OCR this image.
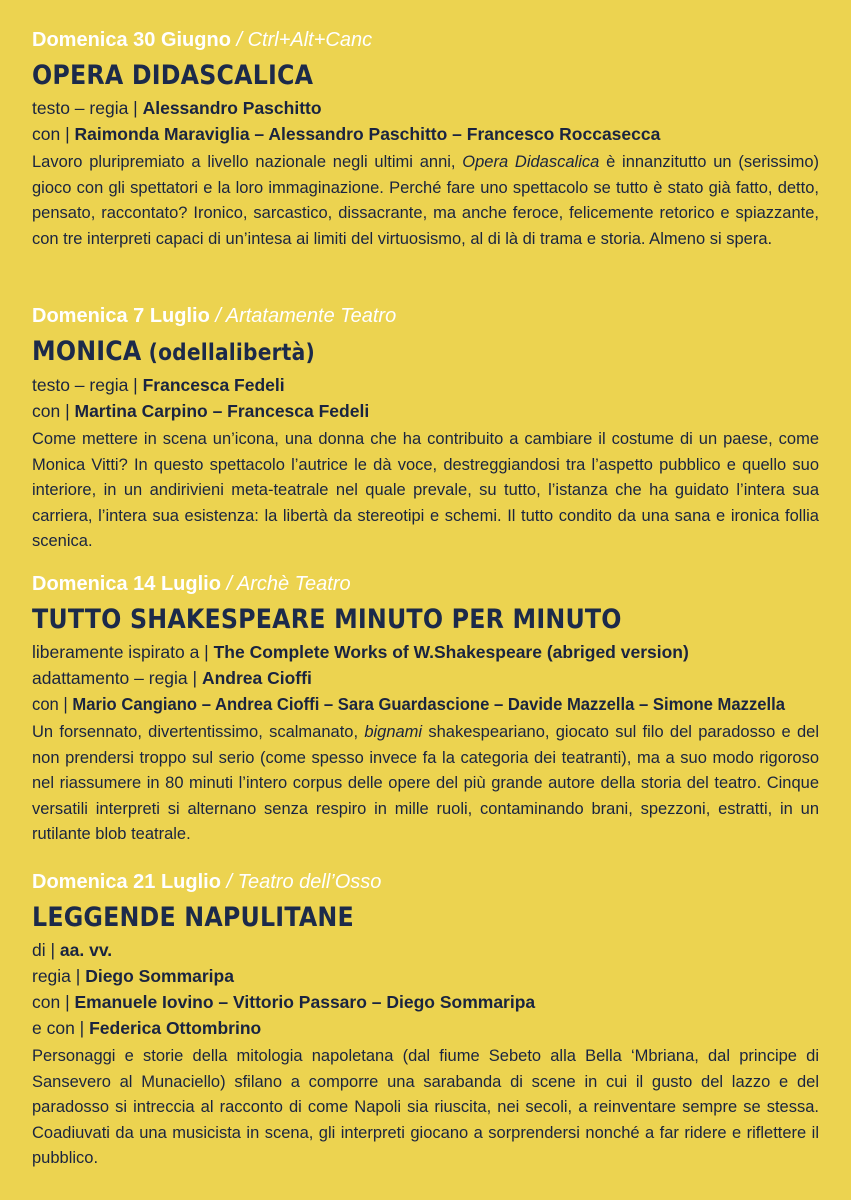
Domenica 30 Giugno / Ctrl+Alt+Canc
OPERA DIDASCALICA
testo – regia | Alessandro Paschitto
con | Raimonda Maraviglia – Alessandro Paschitto – Francesco Roccasecca

Lavoro pluripremiato a livello nazionale negli ultimi anni, Opera Didascalica è innanzitutto un (serissimo) gioco con gli spettatori e la loro immaginazione. Perché fare uno spettacolo se tutto è stato già fatto, detto, pensato, raccontato? Ironico, sarcastico, dissacrante, ma anche feroce, felicemente retorico e spiazzante, con tre interpreti capaci di un’intesa ai limiti del virtuosismo, al di là di trama e storia. Almeno si spera.

Domenica 7 Luglio / Artatamente Teatro
MONICA (odellalibertà)
testo – regia | Francesca Fedeli
con | Martina Carpino – Francesca Fedeli

Come mettere in scena un’icona, una donna che ha contribuito a cambiare il costume di un paese, come Monica Vitti? In questo spettacolo l’autrice le dà voce, destreggiandosi tra l’aspetto pubblico e quello suo interiore, in un andirivieni meta-teatrale nel quale prevale, su tutto, l’istanza che ha guidato l’intera sua carriera, l’intera sua esistenza: la libertà da stereotipi e schemi. Il tutto condito da una sana e ironica follia scenica.

Domenica 14 Luglio / Archè Teatro
TUTTO SHAKESPEARE MINUTO PER MINUTO
liberamente ispirato a | The Complete Works of W.Shakespeare (abriged version)
adattamento – regia | Andrea Cioffi
con | Mario Cangiano – Andrea Cioffi – Sara Guardascione – Davide Mazzella – Simone Mazzella

Un forsennato, divertentissimo, scalmanato, bignami shakespeariano, giocato sul filo del paradosso e del non prendersi troppo sul serio (come spesso invece fa la categoria dei teatranti), ma a suo modo rigoroso nel riassumere in 80 minuti l’intero corpus delle opere del più grande autore della storia del teatro. Cinque versatili interpreti si alternano senza respiro in mille ruoli, contaminando brani, spezzoni, estratti, in un rutilante blob teatrale.

Domenica 21 Luglio / Teatro dell’Osso
LEGGENDE NAPULITANE
di | aa. vv.
regia | Diego Sommaripa
con | Emanuele Iovino – Vittorio Passaro – Diego Sommaripa
e con | Federica Ottombrino

Personaggi e storie della mitologia napoletana (dal fiume Sebeto alla Bella ‘Mbriana, dal principe di Sansevero al Munaciello) sfilano a comporre una sarabanda di scene in cui il gusto del lazzo e del paradosso si intreccia al racconto di come Napoli sia riuscita, nei secoli, a reinventare sempre se stessa. Coadiuvati da una musicista in scena, gli interpreti giocano a sorprendersi nonché a far ridere e riflettere il pubblico.
